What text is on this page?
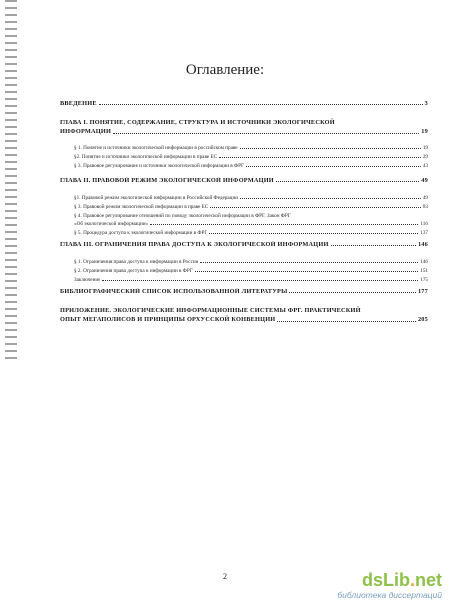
Оглавление:
ВВЕДЕНИЕ	3
ГЛАВА I. ПОНЯТИЕ, СОДЕРЖАНИЕ, СТРУКТУРА И ИСТОЧНИКИ ЭКОЛОГИЧЕСКОЙ
ИНФОРМАЦИИ	19
§ 1. Понятие и источники экологической информации в российском праве	19
§2. Понятие и источники экологической информации в праве ЕС	29
§ 3. Правовое регулирование и источники экологической информации в ФРГ	43
ГЛАВА II. ПРАВОВОЙ РЕЖИМ ЭКОЛОГИЧЕСКОЙ ИНФОРМАЦИИ	49
§1. Правовой режим экологической информации в Российской Федерации	49
§ 3. Правовой режим экологической информации в праве ЕС	83
§ 4. Правовое регулирование отношений по поводу экологической информации в ФРГ. Закон ФРГ
«Об экологической информации»	116
§ 5. Процедура доступа к экологической информации в ФРГ	137
ГЛАВА III. ОГРАНИЧЕНИЯ ПРАВА ДОСТУПА К ЭКОЛОГИЧЕСКОЙ ИНФОРМАЦИИ	146
§ 1. Ограничения права доступа к информации в России	146
§ 2. Ограничения права доступа к информации в ФРГ	151
Заключение	175
БИБЛИОГРАФИЧЕСКИЙ СПИСОК ИСПОЛЬЗОВАННОЙ ЛИТЕРАТУРЫ	177
ПРИЛОЖЕНИЕ. ЭКОЛОГИЧЕСКИЕ ИНФОРМАЦИОННЫЕ СИСТЕМЫ ФРГ. ПРАКТИЧЕСКИЙ
ОПЫТ МЕГАПОЛИСОВ И ПРИНЦИПЫ ОРХУССКОЙ КОНВЕНЦИИ	205
2	dsLib.net
библиотека диссертаций
